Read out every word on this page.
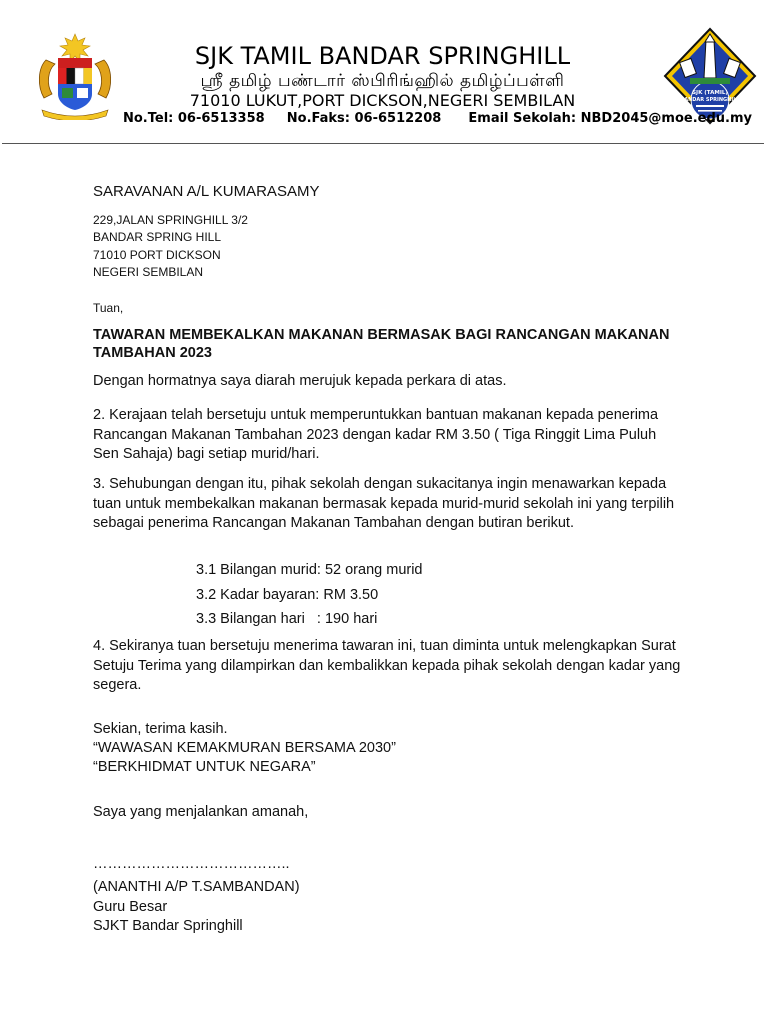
SJK (TAMIL)
BANDAR SPRINGHILL
SJK TAMIL BANDAR SPRINGHILL
ஸ்ரீ தமிழ் பண்டார் ஸ்பிரிங்ஹில் தமிழ்ப்பள்ளி
71010 LUKUT,PORT DICKSON,NEGERI SEMBILAN
No.Tel: 06-6513358 No.Faks: 06-6512208 Email Sekolah: NBD2045@moe.edu.my
SARAVANAN A/L KUMARASAMY
229,JALAN SPRINGHILL 3/2
BANDAR SPRING HILL
71010 PORT DICKSON
NEGERI SEMBILAN
Tuan,
TAWARAN MEMBEKALKAN MAKANAN BERMASAK BAGI RANCANGAN MAKANAN TAMBAHAN 2023
Dengan hormatnya saya diarah merujuk kepada perkara di atas.
2. Kerajaan telah bersetuju untuk memperuntukkan bantuan makanan kepada penerima Rancangan Makanan Tambahan 2023 dengan kadar RM 3.50 ( Tiga Ringgit Lima Puluh Sen Sahaja) bagi setiap murid/hari.
3. Sehubungan dengan itu, pihak sekolah dengan sukacitanya ingin menawarkan kepada tuan untuk membekalkan makanan bermasak kepada murid-murid sekolah ini yang terpilih sebagai penerima Rancangan Makanan Tambahan dengan butiran berikut.
3.1 Bilangan murid: 52 orang murid
3.2 Kadar bayaran: RM 3.50
3.3 Bilangan hari   : 190 hari
4. Sekiranya tuan bersetuju menerima tawaran ini, tuan diminta untuk melengkapkan Surat Setuju Terima yang dilampirkan dan kembalikkan kepada pihak sekolah dengan kadar yang segera.
Sekian, terima kasih.
“WAWASAN KEMAKMURAN BERSAMA 2030”
“BERKHIDMAT UNTUK NEGARA”
Saya yang menjalankan amanah,
…………………………………..
(ANANTHI A/P T.SAMBANDAN)
Guru Besar
SJKT Bandar Springhill
